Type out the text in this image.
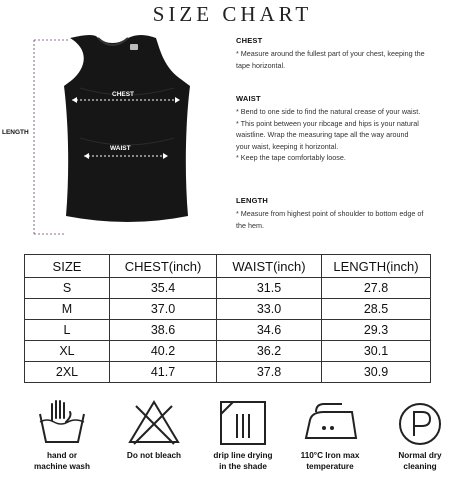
SIZE CHART
LENGTH
CHEST
WAIST
CHEST
* Measure around the fullest part of your chest, keeping the
tape horizontal.
WAIST
* Bend to one side to find the natural crease of your waist.
* This point between your ribcage and hips is your natural
waistline. Wrap the measuring tape all the way around
your waist, keeping it horizontal.
* Keep the tape comfortably loose.
LENGTH
* Measure from highest point of shoulder to bottom edge of
the hem.
SIZE	CHEST(inch)	WAIST(inch)	LENGTH(inch)
S	35.4	31.5	27.8
M	37.0	33.0	28.5
L	38.6	34.6	29.3
XL	40.2	36.2	30.1
2XL	41.7	37.8	30.9
hand or
machine wash
Do not bleach	drip line drying
in the shade
110°C Iron max
temperature
Normal dry
cleaning
